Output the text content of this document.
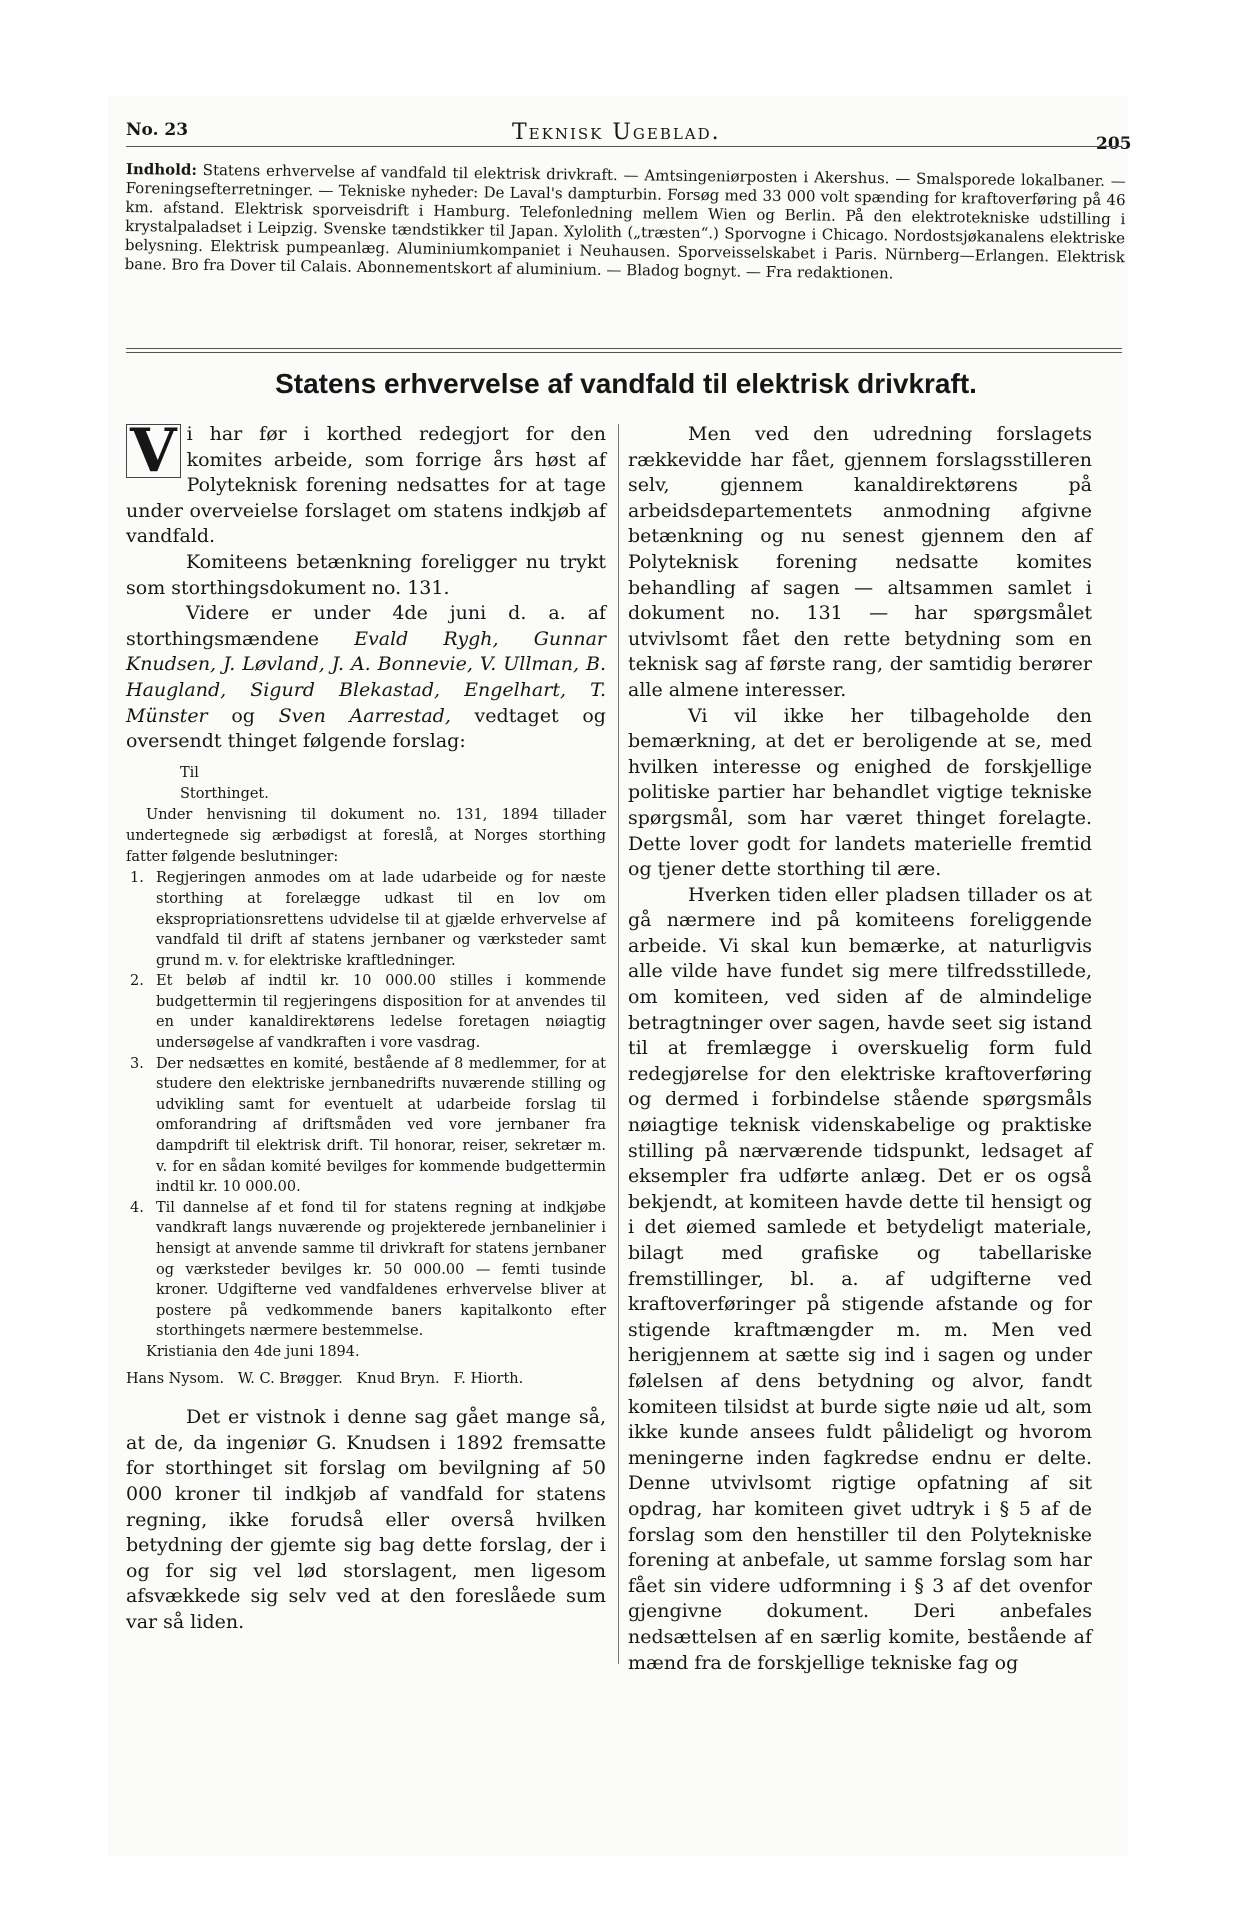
No. 23	Teknisk Ugeblad.	205
Indhold: Statens erhvervelse af vandfald til elektrisk drivkraft. — Amtsingeniørposten i Akershus. — Smalsporede lokalbaner. — Foreningsefterretninger. — Tekniske nyheder: De Laval's dampturbin. Forsøg med 33 000 volt spænding for kraftoverføring på 46 km. afstand. Elektrisk sporveisdrift i Hamburg. Telefonledning mellem Wien og Berlin. På den elektrotekniske udstilling i krystalpaladset i Leipzig. Svenske tændstikker til Japan. Xylolith („træsten“.) Sporvogne i Chicago. Nordostsjøkanalens elektriske belysning. Elektrisk pumpeanlæg. Aluminiumkompaniet i Neuhausen. Sporveisselskabet i Paris. Nürnberg—Erlangen. Elektrisk bane. Bro fra Dover til Calais. Abonnementskort af aluminium. — Bladog bognyt. — Fra redaktionen.
Statens erhvervelse af vandfald til elektrisk drivkraft.

V i har før i korthed redegjort for den komites arbeide, som forrige års høst af Polyteknisk forening nedsattes for at tage under overveielse forslaget om statens indkjøb af vandfald.

Komiteens betænkning foreligger nu trykt som storthingsdokument no. 131.

Videre er under 4de juni d. a. af storthingsmændene Evald Rygh, Gunnar Knudsen, J. Løvland, J. A. Bonnevie, V. Ullman, B. Haugland, Sigurd Blekastad, Engelhart, T. Münster og Sven Aarrestad, vedtaget og oversendt thinget følgende forslag:

Til

Storthinget.

Under henvisning til dokument no. 131, 1894 tillader undertegnede sig ærbødigst at foreslå, at Norges storthing fatter følgende beslutninger:

1. Regjeringen anmodes om at lade udarbeide og for næste storthing at forelægge udkast til en lov om ekspropriationsrettens udvidelse til at gjælde erhvervelse af vandfald til drift af statens jernbaner og værksteder samt grund m. v. for elektriske kraftledninger.
2. Et beløb af indtil kr. 10 000.00 stilles i kommende budgettermin til regjeringens disposition for at anvendes til en under kanaldirektørens ledelse foretagen nøiagtig undersøgelse af vandkraften i vore vasdrag.
3. Der nedsættes en komité, bestående af 8 medlemmer, for at studere den elektriske jernbanedrifts nuværende stilling og udvikling samt for eventuelt at udarbeide forslag til omforandring af driftsmåden ved vore jernbaner fra dampdrift til elektrisk drift. Til honorar, reiser, sekretær m. v. for en sådan komité bevilges for kommende budgettermin indtil kr. 10 000.00.
4. Til dannelse af et fond til for statens regning at indkjøbe vandkraft langs nuværende og projekterede jernbanelinier i hensigt at anvende samme til drivkraft for statens jernbaner og værksteder bevilges kr. 50 000.00 — femti tusinde kroner. Udgifterne ved vandfaldenes erhvervelse bliver at postere på vedkommende baners kapitalkonto efter storthingets nærmere bestemmelse.

Kristiania den 4de juni 1894.

Hans Nysom.   W. C. Brøgger.   Knud Bryn.   F. Hiorth.

Det er vistnok i denne sag gået mange så, at de, da ingeniør G. Knudsen i 1892 fremsatte for storthinget sit forslag om bevilgning af 50 000 kroner til indkjøb af vandfald for statens regning, ikke forudså eller overså hvilken betydning der gjemte sig bag dette forslag, der i og for sig vel lød storslagent, men ligesom afsvækkede sig selv ved at den foreslåede sum var så liden.

Men ved den udredning forslagets rækkevidde har fået, gjennem forslagsstilleren selv, gjennem kanaldirektørens på arbeidsdepartementets anmodning afgivne betænkning og nu senest gjennem den af Polyteknisk forening nedsatte komites behandling af sagen — altsammen samlet i dokument no. 131 — har spørgsmålet utvivlsomt fået den rette betydning som en teknisk sag af første rang, der samtidig berører alle almene interesser.

Vi vil ikke her tilbageholde den bemærkning, at det er beroligende at se, med hvilken interesse og enighed de forskjellige politiske partier har behandlet vigtige tekniske spørgsmål, som har været thinget forelagte. Dette lover godt for landets materielle fremtid og tjener dette storthing til ære.

Hverken tiden eller pladsen tillader os at gå nærmere ind på komiteens foreliggende arbeide. Vi skal kun bemærke, at naturligvis alle vilde have fundet sig mere tilfredsstillede, om komiteen, ved siden af de almindelige betragtninger over sagen, havde seet sig istand til at fremlægge i overskuelig form fuld redegjørelse for den elektriske kraftoverføring og dermed i forbindelse stående spørgsmåls nøiagtige teknisk videnskabelige og praktiske stilling på nærværende tidspunkt, ledsaget af eksempler fra udførte anlæg. Det er os også bekjendt, at komiteen havde dette til hensigt og i det øiemed samlede et betydeligt materiale, bilagt med grafiske og tabellariske fremstillinger, bl. a. af udgifterne ved kraftoverføringer på stigende afstande og for stigende kraftmængder m. m. Men ved herigjennem at sætte sig ind i sagen og under følelsen af dens betydning og alvor, fandt komiteen tilsidst at burde sigte nøie ud alt, som ikke kunde ansees fuldt pålideligt og hvorom meningerne inden fagkredse endnu er delte. Denne utvivlsomt rigtige opfatning af sit opdrag, har komiteen givet udtryk i § 5 af de forslag som den henstiller til den Polytekniske forening at anbefale, ut samme forslag som har fået sin videre udformning i § 3 af det ovenfor gjengivne dokument. Deri anbefales nedsættelsen af en særlig komite, bestående af mænd fra de forskjellige tekniske fag og
